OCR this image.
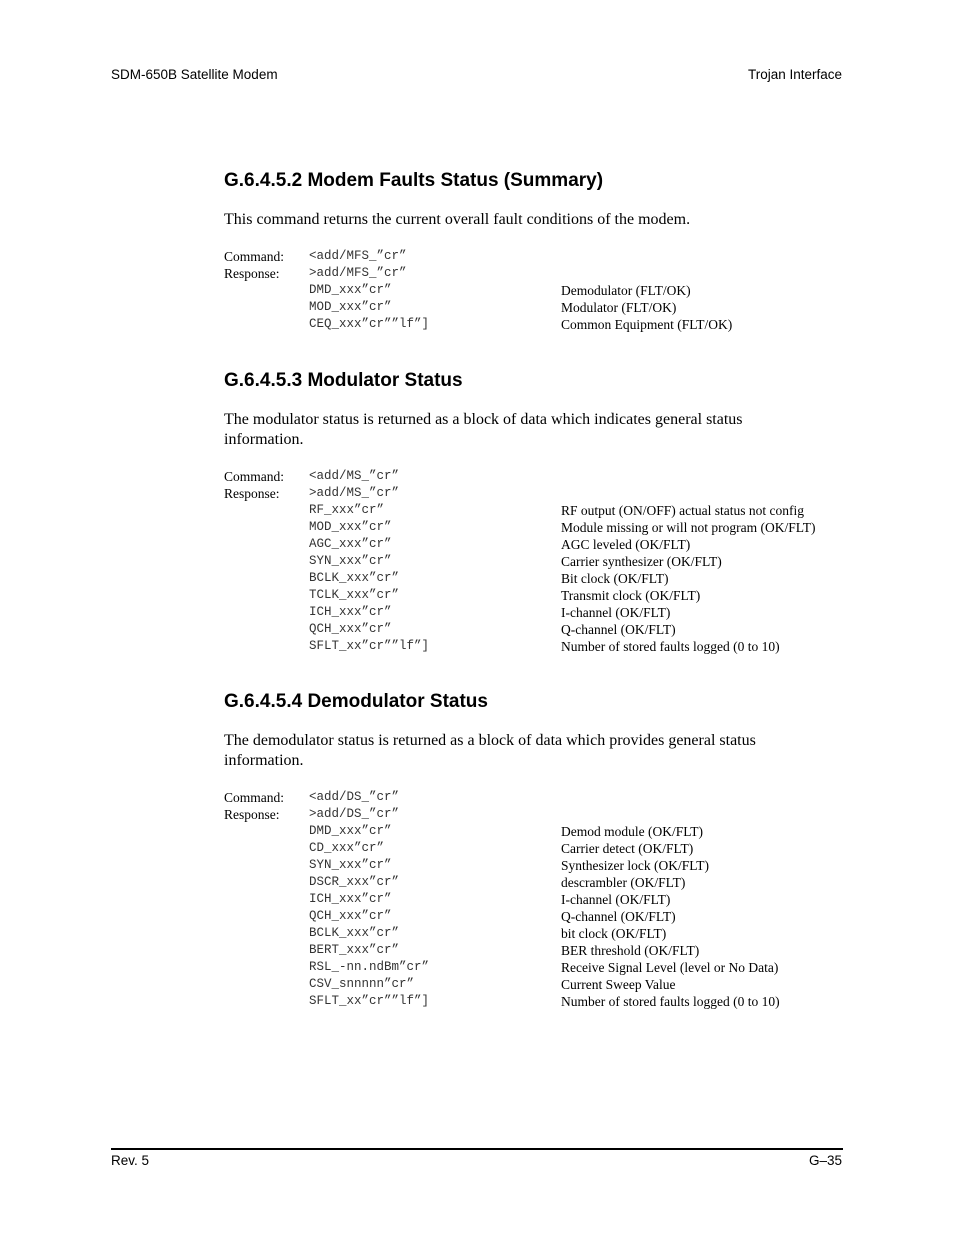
SDM-650B Satellite Modem	Trojan Interface
G.6.4.5.2 Modem Faults Status (Summary)

This command returns the current overall fault conditions of the modem.

Command: <add/MFS_”cr”
Response: >add/MFS_”cr”
DMD_xxx”cr”	Demodulator (FLT/OK)
MOD_xxx”cr”	Modulator (FLT/OK)
CEQ_xxx”cr””lf”]	Common Equipment (FLT/OK)
G.6.4.5.3 Modulator Status

The modulator status is returned as a block of data which indicates general status information.

Command: <add/MS_”cr”
Response: >add/MS_”cr”
RF_xxx”cr”	RF output (ON/OFF) actual status not config
MOD_xxx”cr”	Module missing or will not program (OK/FLT)
AGC_xxx”cr”	AGC leveled (OK/FLT)
SYN_xxx”cr”	Carrier synthesizer (OK/FLT)
BCLK_xxx”cr”	Bit clock (OK/FLT)
TCLK_xxx”cr”	Transmit clock (OK/FLT)
ICH_xxx”cr”	I-channel (OK/FLT)
QCH_xxx”cr”	Q-channel (OK/FLT)
SFLT_xx”cr””lf”]	Number of stored faults logged (0 to 10)
G.6.4.5.4 Demodulator Status

The demodulator status is returned as a block of data which provides general status information.

Command: <add/DS_”cr”
Response: >add/DS_”cr”
DMD_xxx”cr”	Demod module (OK/FLT)
CD_xxx”cr”	Carrier detect (OK/FLT)
SYN_xxx”cr”	Synthesizer lock (OK/FLT)
DSCR_xxx”cr”	descrambler (OK/FLT)
ICH_xxx”cr”	I-channel (OK/FLT)
QCH_xxx”cr”	Q-channel (OK/FLT)
BCLK_xxx”cr”	bit clock (OK/FLT)
BERT_xxx”cr”	BER threshold (OK/FLT)
RSL_-nn.ndBm”cr”	Receive Signal Level (level or No Data)
CSV_snnnnn”cr”	Current Sweep Value
SFLT_xx”cr””lf”]	Number of stored faults logged (0 to 10)
Rev. 5	G–35
